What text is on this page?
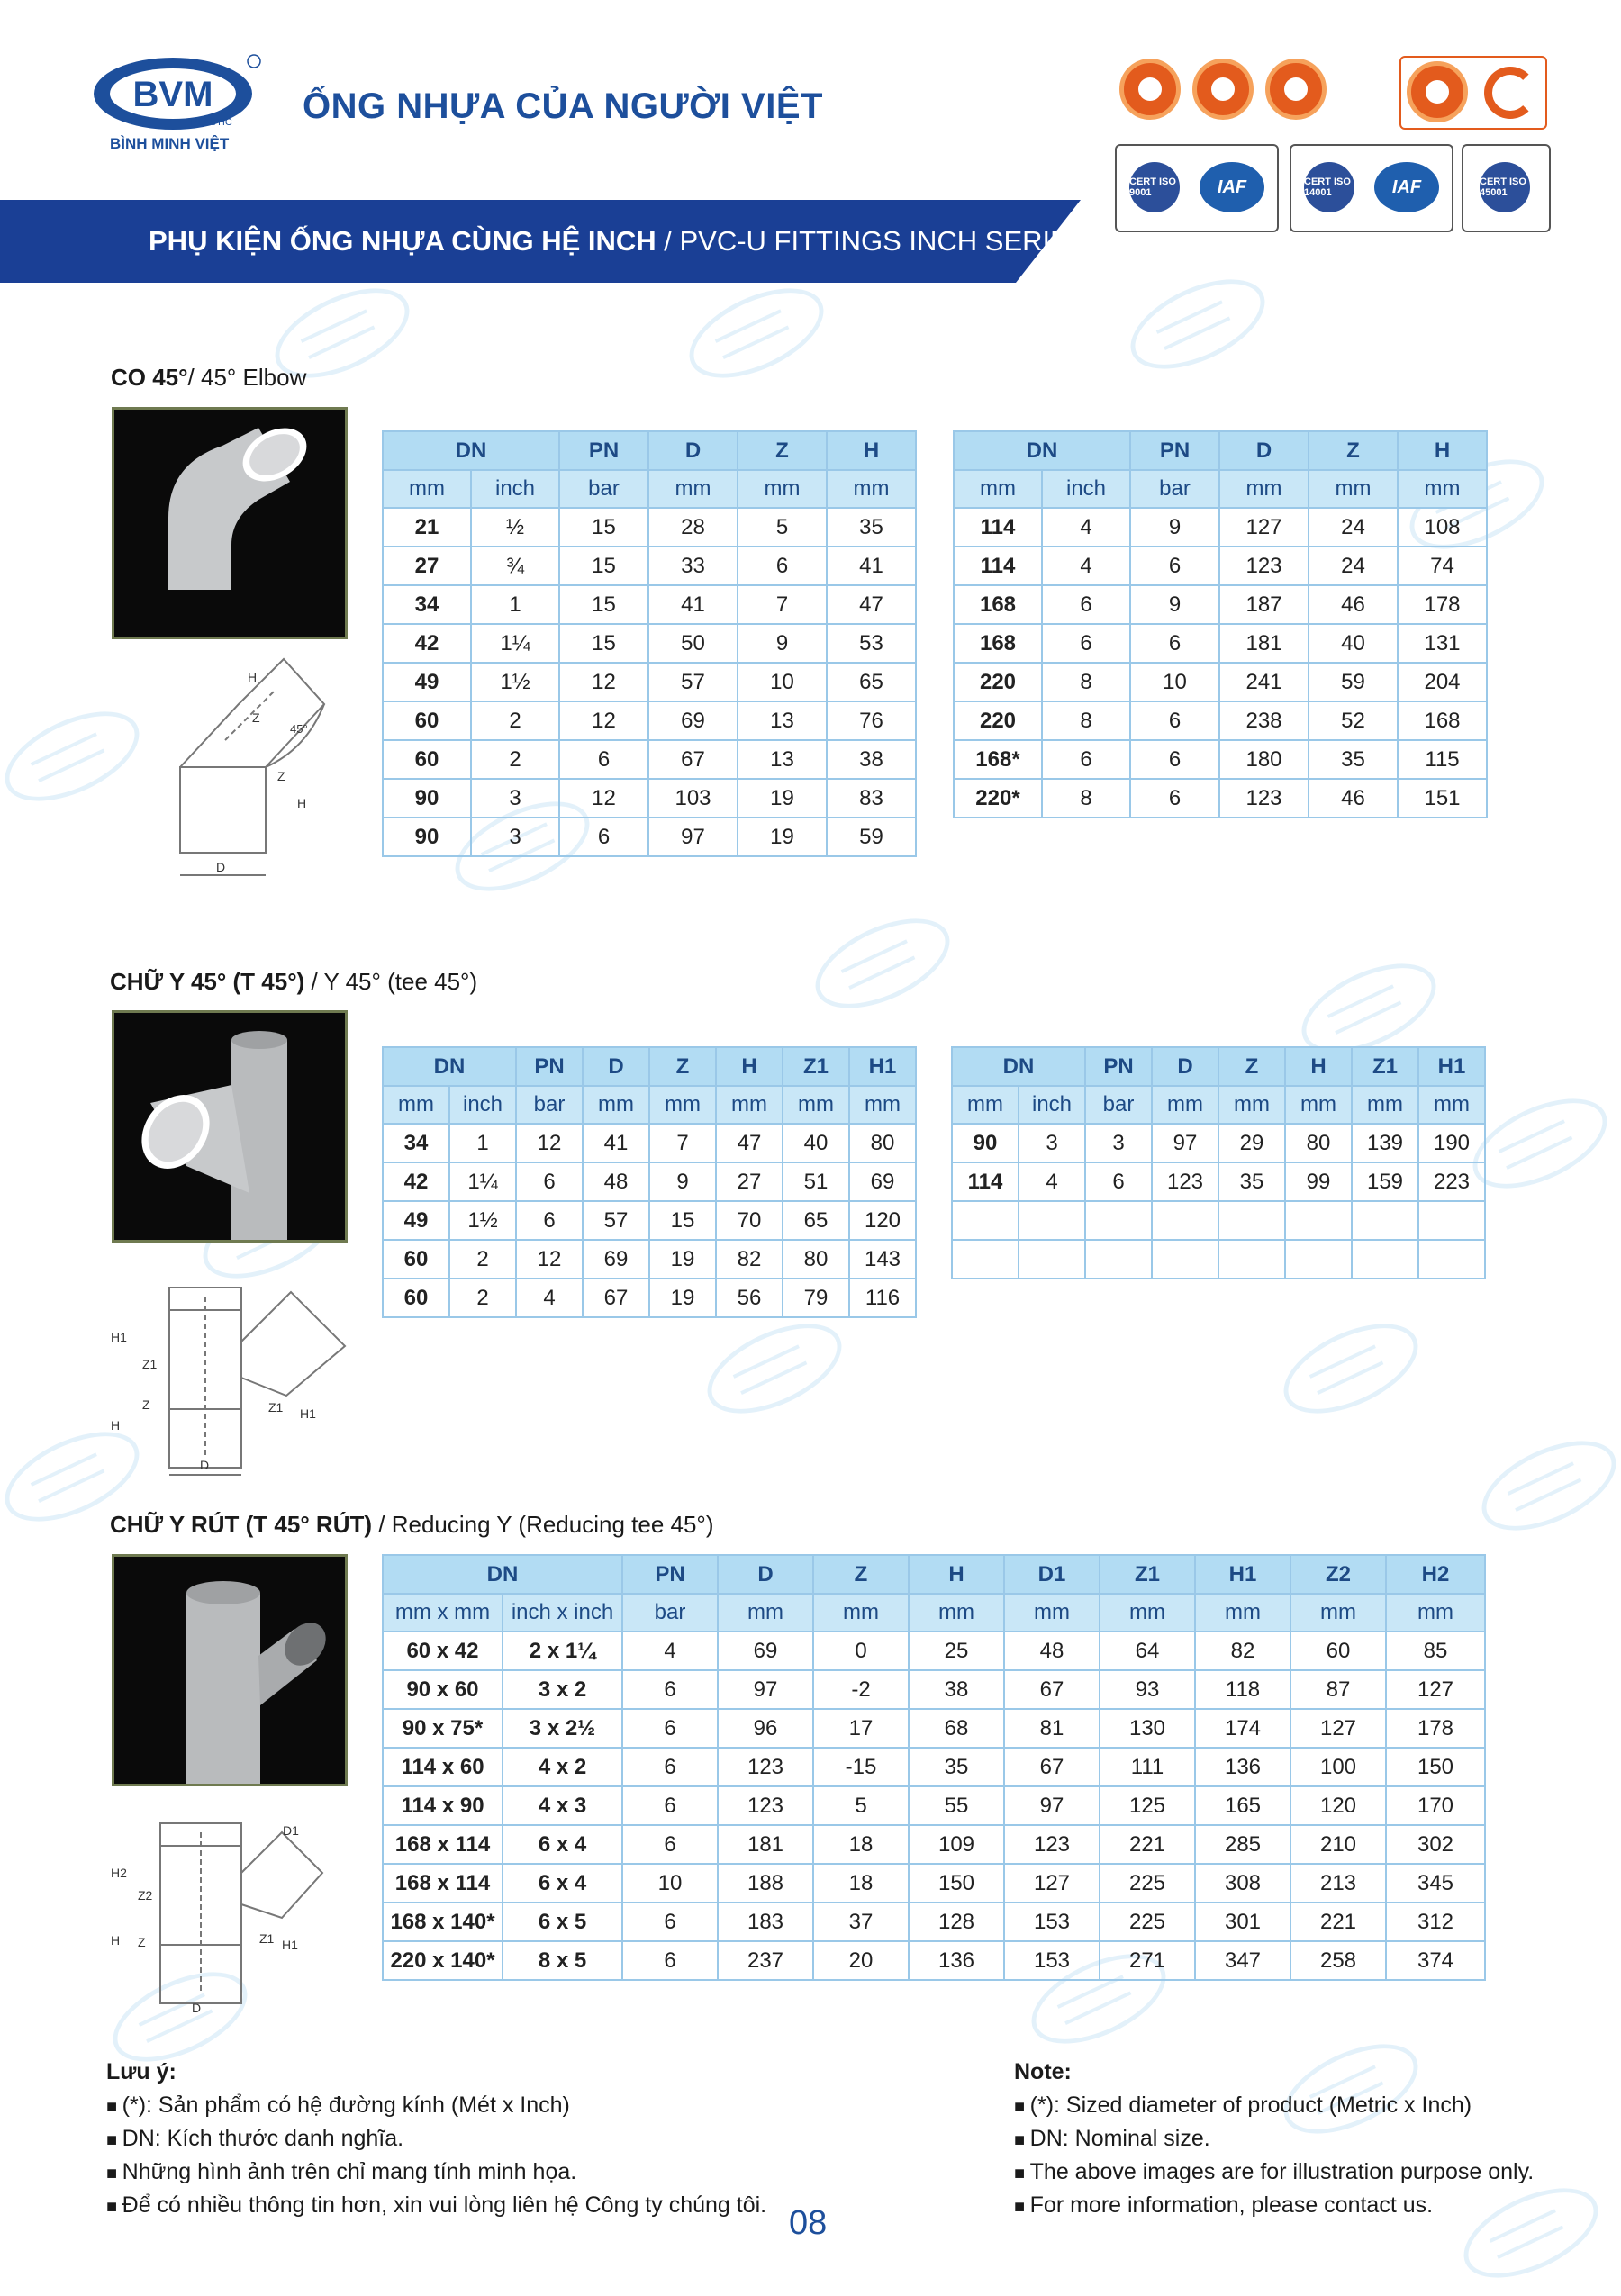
BVM
PLASTIC
BÌNH MINH VIỆT
ỐNG NHỰA CỦA NGƯỜI VIỆT
CERT ISO 9001	IAF	CERT ISO 14001	IAF	CERT ISO 45001
PHỤ KIỆN ỐNG NHỰA CÙNG HỆ INCH / PVC-U FITTINGS INCH SERIES
CO 45°/ 45° Elbow
H
Z
45°
Z
H
D
DN		PN	D	Z	H
mm	inch	bar	mm	mm	mm
21	½	15	28	5	35
27	¾	15	33	6	41
34	1	15	41	7	47
42	1¼	15	50	9	53
49	1½	12	57	10	65
60	2	12	69	13	76
60	2	6	67	13	38
90	3	12	103	19	83
90	3	6	97	19	59
DN		PN	D	Z	H
mm	inch	bar	mm	mm	mm
114	4	9	127	24	108
114	4	6	123	24	74
168	6	9	187	46	178
168	6	6	181	40	131
220	8	10	241	59	204
220	8	6	238	52	168
168*	6	6	180	35	115
220*	8	6	123	46	151
CHỮ Y 45° (T 45°) / Y 45° (tee 45°)
H1
Z1
H
Z	Z1 H1
D
DN		PN	D	Z	H	Z1	H1
mm	inch	bar	mm	mm	mm	mm	mm
34	1	12	41	7	47	40	80
42	1¼	6	48	9	27	51	69
49	1½	6	57	15	70	65	120
60	2	12	69	19	82	80	143
60	2	4	67	19	56	79	116
DN		PN	D	Z	H	Z1	H1
mm	inch	bar	mm	mm	mm	mm	mm
90	3	3	97	29	80	139	190
114	4	6	123	35	99	159	223

CHỮ Y RÚT (T 45° RÚT) / Reducing Y (Reducing tee 45°)
D1
H2
Z2
H Z	Z1 H1
D
DN		PN	D	Z	H	D1	Z1	H1	Z2	H2
mm x mm	inch x inch	bar	mm	mm	mm	mm	mm	mm	mm	mm
60 x 42	2 x 1¼	4	69	0	25	48	64	82	60	85
90 x 60	3 x 2	6	97	-2	38	67	93	118	87	127
90 x 75*	3 x 2½	6	96	17	68	81	130	174	127	178
114 x 60	4 x 2	6	123	-15	35	67	111	136	100	150
114 x 90	4 x 3	6	123	5	55	97	125	165	120	170
168 x 114	6 x 4	6	181	18	109	123	221	285	210	302
168 x 114	6 x 4	10	188	18	150	127	225	308	213	345
168 x 140*	6 x 5	6	183	37	128	153	225	301	221	312
220 x 140*	8 x 5	6	237	20	136	153	271	347	258	374
Lưu ý:
■ (*): Sản phẩm có hệ đường kính (Mét x Inch)
■ DN: Kích thước danh nghĩa.
■ Những hình ảnh trên chỉ mang tính minh họa.
■ Để có nhiều thông tin hơn, xin vui lòng liên hệ Công ty chúng tôi.
Note:
■ (*): Sized diameter of product (Metric x Inch)
■ DN: Nominal size.
■ The above images are for illustration purpose only.
■ For more information, please contact us.
08
